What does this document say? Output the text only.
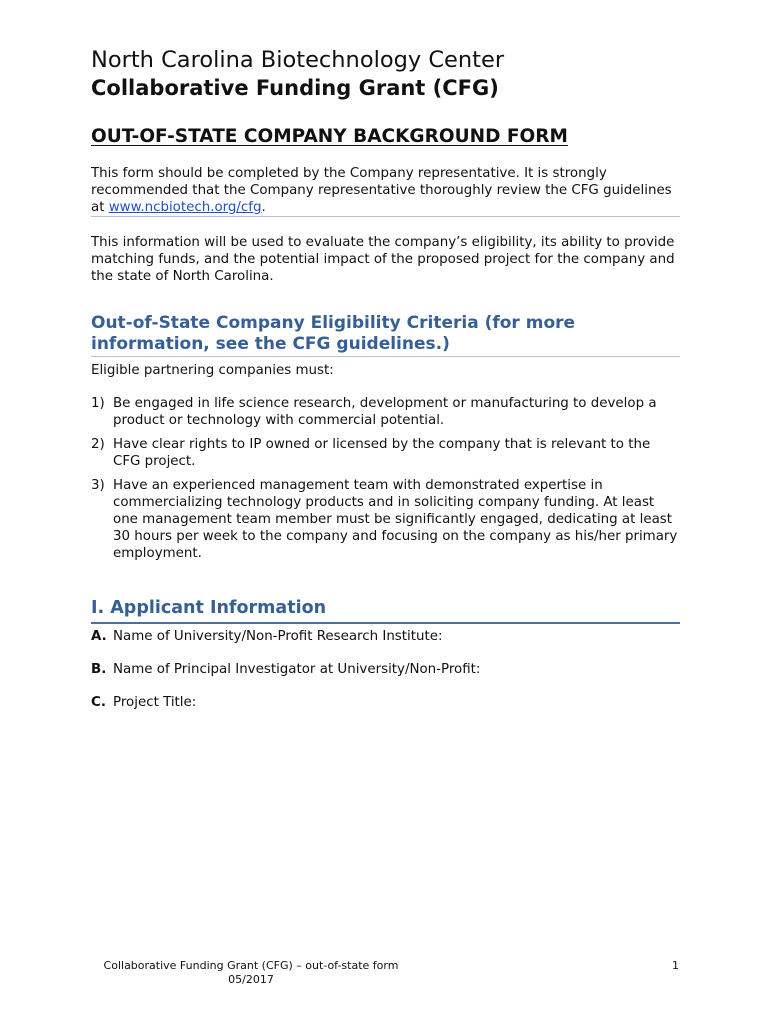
North Carolina Biotechnology Center
Collaborative Funding Grant (CFG)
OUT-OF-STATE COMPANY BACKGROUND FORM

This form should be completed by the Company representative. It is strongly recommended that the Company representative thoroughly review the CFG guidelines at www.ncbiotech.org/cfg.

This information will be used to evaluate the company’s eligibility, its ability to provide matching funds, and the potential impact of the proposed project for the company and the state of North Carolina.

Out-of-State Company Eligibility Criteria (for more information, see the CFG guidelines.)

Eligible partnering companies must:

1) Be engaged in life science research, development or manufacturing to develop a product or technology with commercial potential.
2) Have clear rights to IP owned or licensed by the company that is relevant to the CFG project.
3) Have an experienced management team with demonstrated expertise in commercializing technology products and in soliciting company funding. At least one management team member must be significantly engaged, dedicating at least 30 hours per week to the company and focusing on the company as his/her primary employment.
I. Applicant Information
A. Name of University/Non-Profit Research Institute:
B. Name of Principal Investigator at University/Non-Profit:
C. Project Title:
Collaborative Funding Grant (CFG) – out-of-state form
05/2017
1
